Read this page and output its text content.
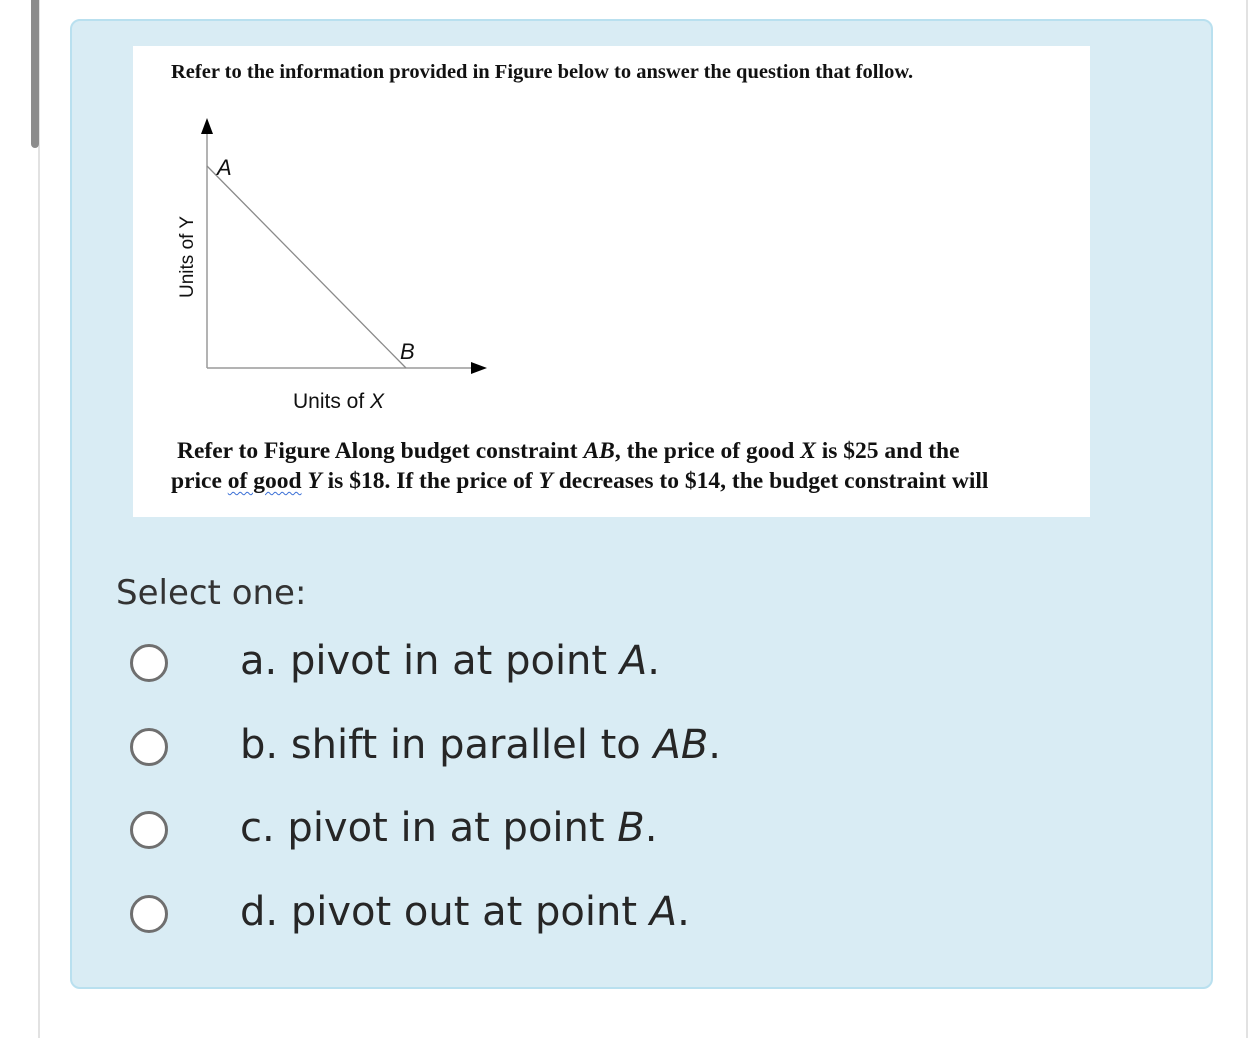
Refer to the information provided in Figure below to answer the question that follow.
A
B
Units of X
Units of Y
Refer to Figure Along budget constraint AB, the price of good X is $25 and the
price of good Y is $18. If the price of Y decreases to $14, the budget constraint will
Select one:
a. pivot in at point A.
b. shift in parallel to AB.
c. pivot in at point B.
d. pivot out at point A.
